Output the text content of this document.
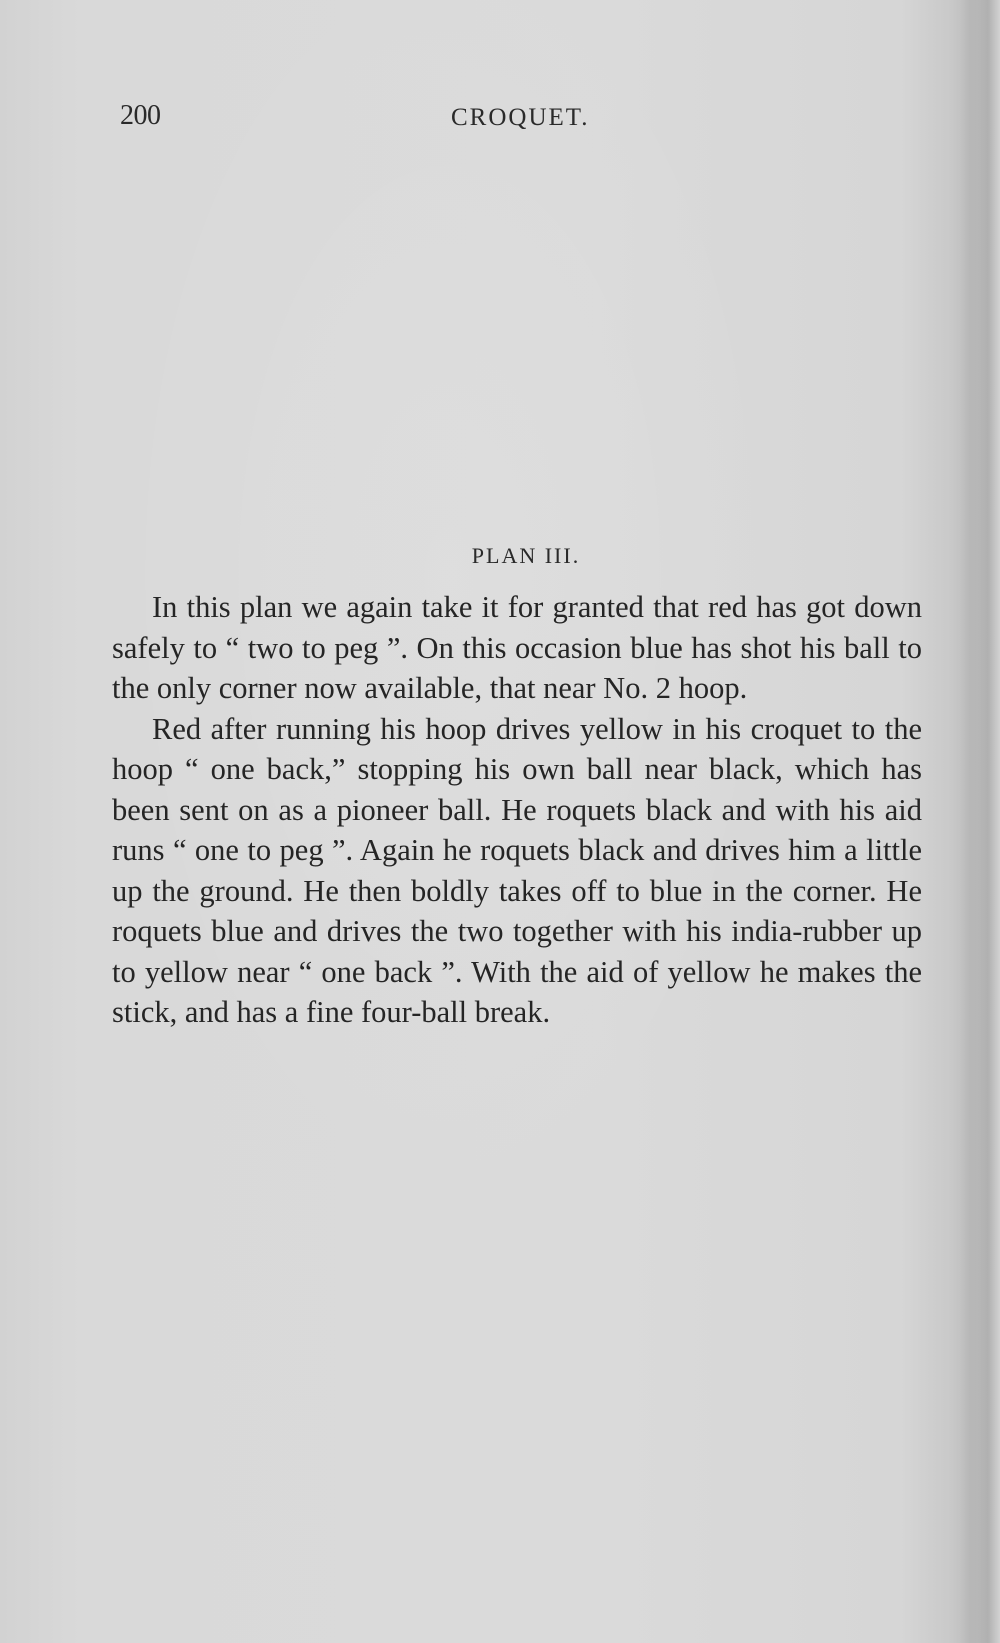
200	CROQUET.
PLAN III.

In this plan we again take it for granted that red has got down safely to “ two to peg ”. On this occasion blue has shot his ball to the only corner now available, that near No. 2 hoop.

Red after running his hoop drives yellow in his croquet to the hoop “ one back,” stopping his own ball near black, which has been sent on as a pioneer ball. He roquets black and with his aid runs “ one to peg ”. Again he roquets black and drives him a little up the ground. He then boldly takes off to blue in the corner. He roquets blue and drives the two together with his india-rubber up to yellow near “ one back ”. With the aid of yellow he makes the stick, and has a fine four-ball break.
